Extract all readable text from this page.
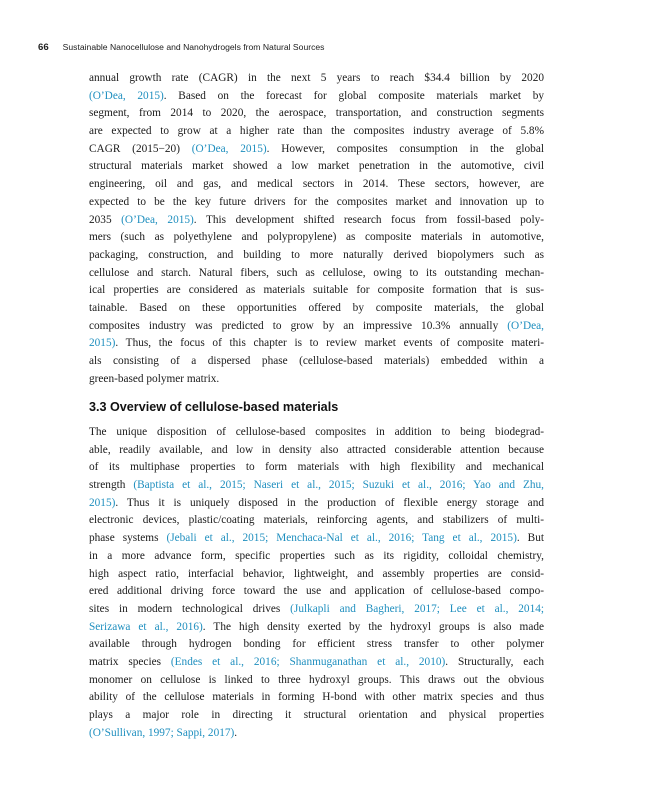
66 Sustainable Nanocellulose and Nanohydrogels from Natural Sources
annual growth rate (CAGR) in the next 5 years to reach $34.4 billion by 2020
(O’Dea, 2015). Based on the forecast for global composite materials market by
segment, from 2014 to 2020, the aerospace, transportation, and construction segments
are expected to grow at a higher rate than the composites industry average of 5.8%
CAGR (2015−20) (O’Dea, 2015). However, composites consumption in the global
structural materials market showed a low market penetration in the automotive, civil
engineering, oil and gas, and medical sectors in 2014. These sectors, however, are
expected to be the key future drivers for the composites market and innovation up to
2035 (O’Dea, 2015). This development shifted research focus from fossil-based poly-
mers (such as polyethylene and polypropylene) as composite materials in automotive,
packaging, construction, and building to more naturally derived biopolymers such as
cellulose and starch. Natural fibers, such as cellulose, owing to its outstanding mechan-
ical properties are considered as materials suitable for composite formation that is sus-
tainable. Based on these opportunities offered by composite materials, the global
composites industry was predicted to grow by an impressive 10.3% annually (O’Dea,
2015). Thus, the focus of this chapter is to review market events of composite materi-
als consisting of a dispersed phase (cellulose-based materials) embedded within a
green-based polymer matrix.
3.3 Overview of cellulose-based materials
The unique disposition of cellulose-based composites in addition to being biodegrad-
able, readily available, and low in density also attracted considerable attention because
of its multiphase properties to form materials with high flexibility and mechanical
strength (Baptista et al., 2015; Naseri et al., 2015; Suzuki et al., 2016; Yao and Zhu,
2015). Thus it is uniquely disposed in the production of flexible energy storage and
electronic devices, plastic/coating materials, reinforcing agents, and stabilizers of multi-
phase systems (Jebali et al., 2015; Menchaca-Nal et al., 2016; Tang et al., 2015). But
in a more advance form, specific properties such as its rigidity, colloidal chemistry,
high aspect ratio, interfacial behavior, lightweight, and assembly properties are consid-
ered additional driving force toward the use and application of cellulose-based compo-
sites in modern technological drives (Julkapli and Bagheri, 2017; Lee et al., 2014;
Serizawa et al., 2016). The high density exerted by the hydroxyl groups is also made
available through hydrogen bonding for efficient stress transfer to other polymer
matrix species (Endes et al., 2016; Shanmuganathan et al., 2010). Structurally, each
monomer on cellulose is linked to three hydroxyl groups. This draws out the obvious
ability of the cellulose materials in forming H-bond with other matrix species and thus
plays a major role in directing it structural orientation and physical properties
(O’Sullivan, 1997; Sappi, 2017).
